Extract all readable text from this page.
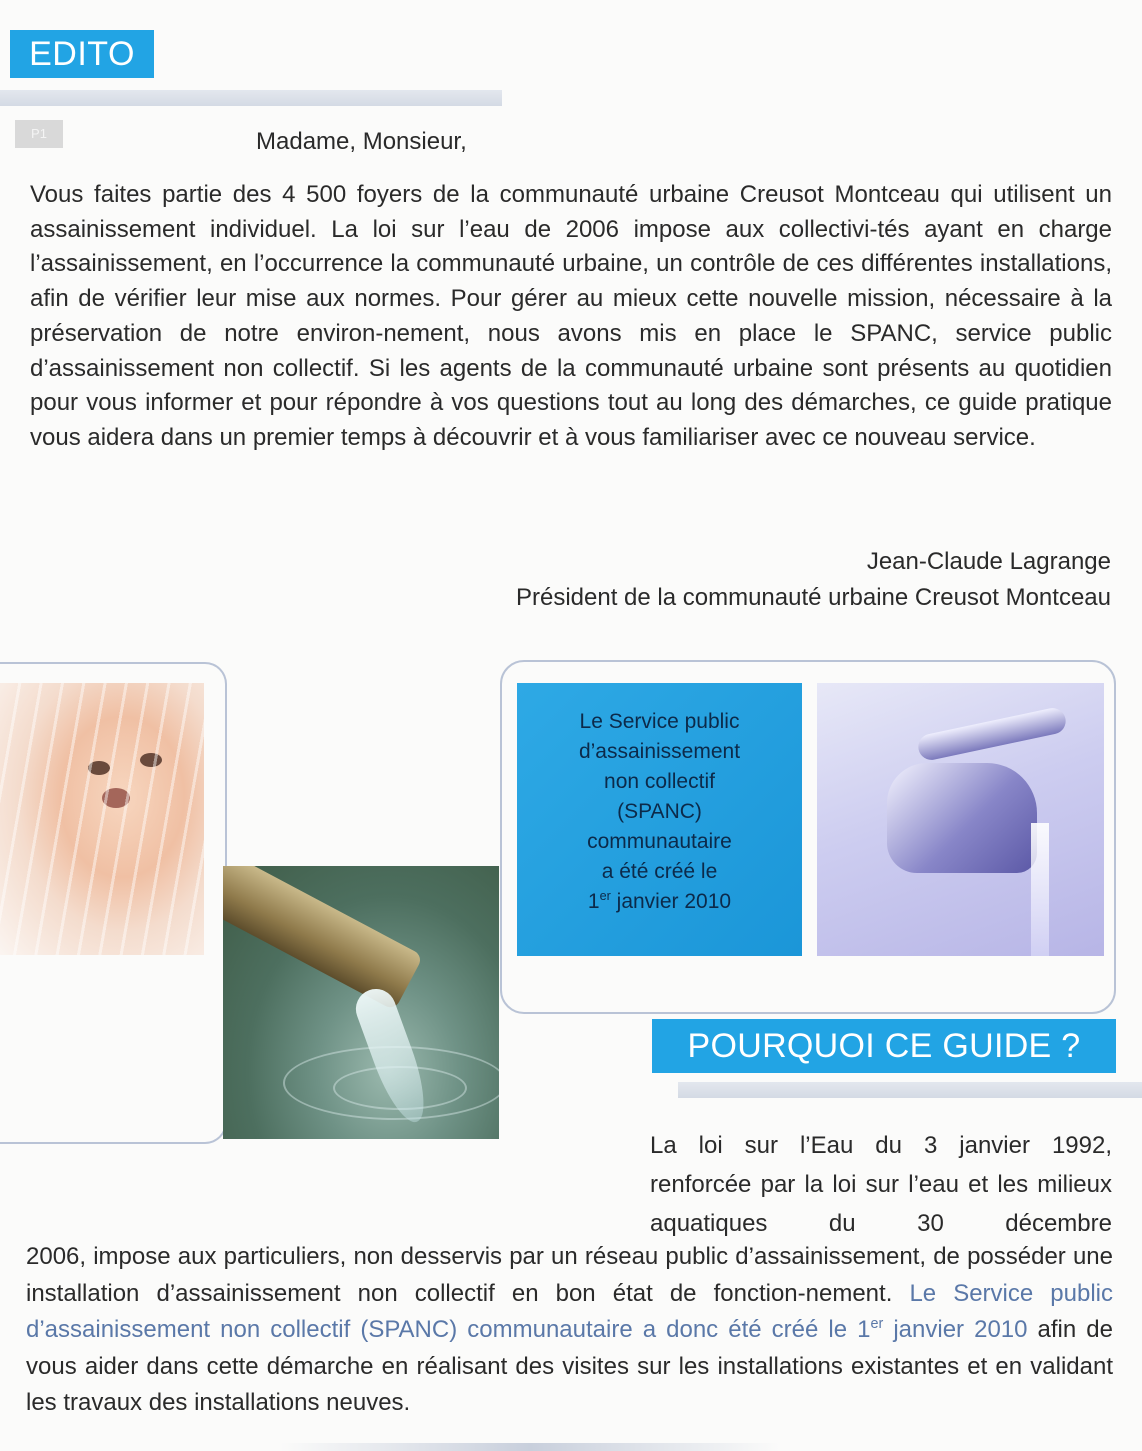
EDITO
P1	Madame, Monsieur,

Vous faites partie des 4 500 foyers de la communauté urbaine Creusot Montceau qui utilisent un assainissement individuel. La loi sur l’eau de 2006 impose aux collectivi-tés ayant en charge l’assainissement, en l’occurrence la communauté urbaine, un contrôle de ces différentes installations, afin de vérifier leur mise aux normes. Pour gérer au mieux cette nouvelle mission, nécessaire à la préservation de notre environ-nement, nous avons mis en place le SPANC, service public d’assainissement non collectif. Si les agents de la communauté urbaine sont présents au quotidien pour vous informer et pour répondre à vos questions tout au long des démarches, ce guide pratique vous aidera dans un premier temps à découvrir et à vous familiariser avec ce nouveau service.

Jean-Claude Lagrange

Président de la communauté urbaine Creusot Montceau

Le Service public
d’assainissement
non collectif
(SPANC)
communautaire
a été créé le
1er janvier 2010
POURQUOI CE GUIDE ?

La loi sur l’Eau du 3 janvier 1992, renforcée par la loi sur l’eau et les milieux aquatiques du 30 décembre

2006, impose aux particuliers, non desservis par un réseau public d’assainissement, de posséder une installation d’assainissement non collectif en bon état de fonction-nement. Le Service public d’assainissement non collectif (SPANC) communautaire a donc été créé le 1er janvier 2010 afin de vous aider dans cette démarche en réalisant des visites sur les installations existantes et en validant les travaux des installations neuves.
